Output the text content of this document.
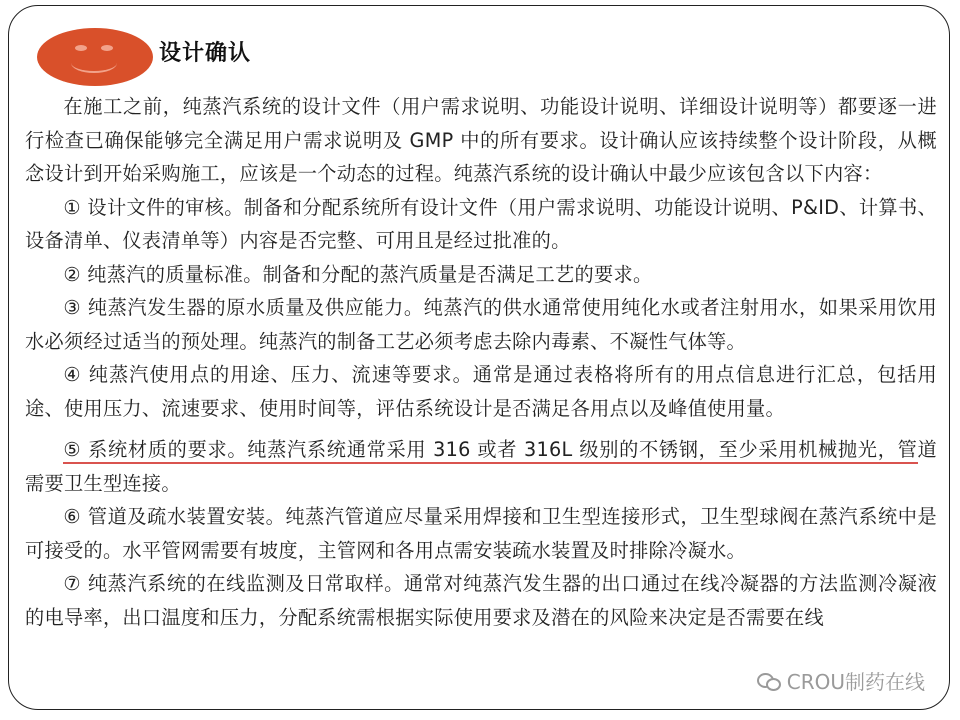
设计确认

在施工之前，纯蒸汽系统的设计文件（用户需求说明、功能设计说明、详细设计说明等）都要逐一进行检查已确保能够完全满足用户需求说明及 GMP 中的所有要求。设计确认应该持续整个设计阶段，从概念设计到开始采购施工，应该是一个动态的过程。纯蒸汽系统的设计确认中最少应该包含以下内容：

① 设计文件的审核。制备和分配系统所有设计文件（用户需求说明、功能设计说明、P&ID、计算书、设备清单、仪表清单等）内容是否完整、可用且是经过批准的。

② 纯蒸汽的质量标准。制备和分配的蒸汽质量是否满足工艺的要求。

③ 纯蒸汽发生器的原水质量及供应能力。纯蒸汽的供水通常使用纯化水或者注射用水，如果采用饮用水必须经过适当的预处理。纯蒸汽的制备工艺必须考虑去除内毒素、不凝性气体等。

④ 纯蒸汽使用点的用途、压力、流速等要求。通常是通过表格将所有的用点信息进行汇总，包括用途、使用压力、流速要求、使用时间等，评估系统设计是否满足各用点以及峰值使用量。

⑤ 系统材质的要求。纯蒸汽系统通常采用 316 或者 316L 级别的不锈钢，至少采用机械抛光，管道需要卫生型连接。

⑥ 管道及疏水装置安装。纯蒸汽管道应尽量采用焊接和卫生型连接形式，卫生型球阀在蒸汽系统中是可接受的。水平管网需要有坡度，主管网和各用点需安装疏水装置及时排除冷凝水。

⑦ 纯蒸汽系统的在线监测及日常取样。通常对纯蒸汽发生器的出口通过在线冷凝器的方法监测冷凝液的电导率，出口温度和压力，分配系统需根据实际使用要求及潜在的风险来决定是否需要在线

CROU制药在线
